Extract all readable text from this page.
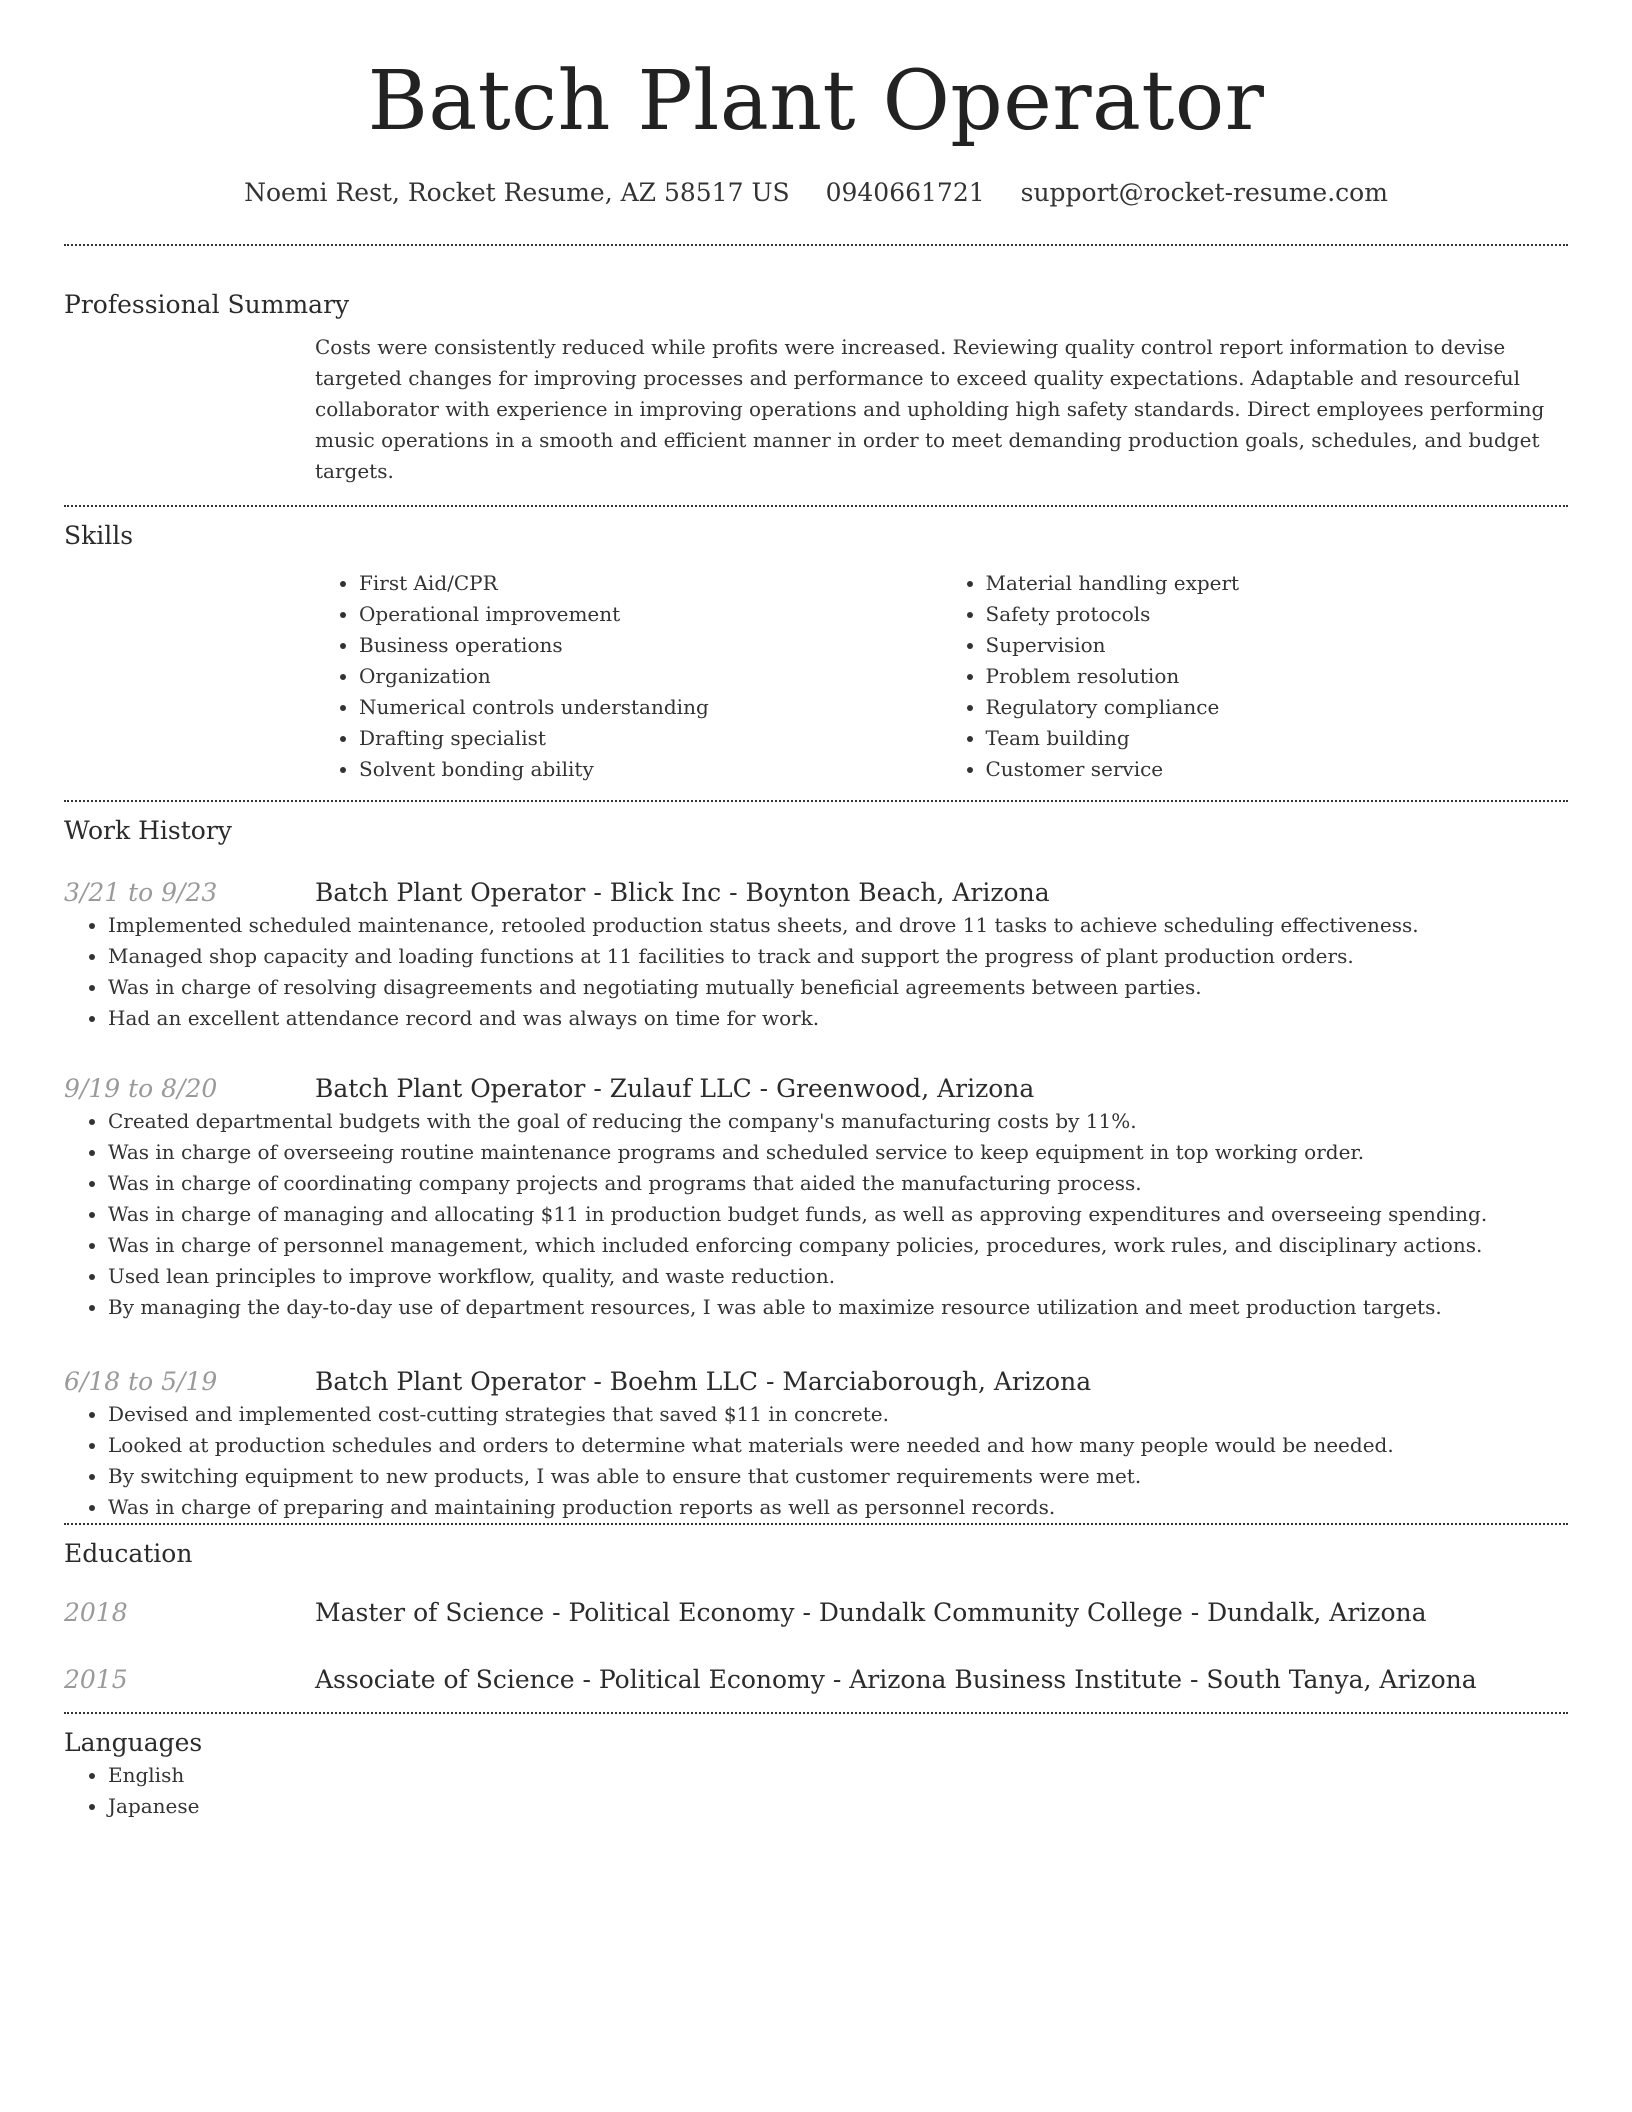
Batch Plant Operator
Noemi Rest, Rocket Resume, AZ 58517 US 0940661721 support@rocket-resume.com
Professional Summary
Costs were consistently reduced while profits were increased. Reviewing quality control report information to devise targeted changes for improving processes and performance to exceed quality expectations. Adaptable and resourceful collaborator with experience in improving operations and upholding high safety standards. Direct employees performing music operations in a smooth and efficient manner in order to meet demanding production goals, schedules, and budget targets.
Skills
• First Aid/CPR
• Operational improvement
• Business operations
• Organization
• Numerical controls understanding
• Drafting specialist
• Solvent bonding ability
• Material handling expert
• Safety protocols
• Supervision
• Problem resolution
• Regulatory compliance
• Team building
• Customer service
Work History
3/21 to 9/23	Batch Plant Operator - Blick Inc - Boynton Beach, Arizona
• Implemented scheduled maintenance, retooled production status sheets, and drove 11 tasks to achieve scheduling effectiveness.
• Managed shop capacity and loading functions at 11 facilities to track and support the progress of plant production orders.
• Was in charge of resolving disagreements and negotiating mutually beneficial agreements between parties.
• Had an excellent attendance record and was always on time for work.
9/19 to 8/20	Batch Plant Operator - Zulauf LLC - Greenwood, Arizona
• Created departmental budgets with the goal of reducing the company's manufacturing costs by 11%.
• Was in charge of overseeing routine maintenance programs and scheduled service to keep equipment in top working order.
• Was in charge of coordinating company projects and programs that aided the manufacturing process.
• Was in charge of managing and allocating $11 in production budget funds, as well as approving expenditures and overseeing spending.
• Was in charge of personnel management, which included enforcing company policies, procedures, work rules, and disciplinary actions.
• Used lean principles to improve workflow, quality, and waste reduction.
• By managing the day-to-day use of department resources, I was able to maximize resource utilization and meet production targets.
6/18 to 5/19	Batch Plant Operator - Boehm LLC - Marciaborough, Arizona
• Devised and implemented cost-cutting strategies that saved $11 in concrete.
• Looked at production schedules and orders to determine what materials were needed and how many people would be needed.
• By switching equipment to new products, I was able to ensure that customer requirements were met.
• Was in charge of preparing and maintaining production reports as well as personnel records.
Education
2018	Master of Science - Political Economy - Dundalk Community College - Dundalk, Arizona
2015	Associate of Science - Political Economy - Arizona Business Institute - South Tanya, Arizona
Languages
• English
• Japanese
